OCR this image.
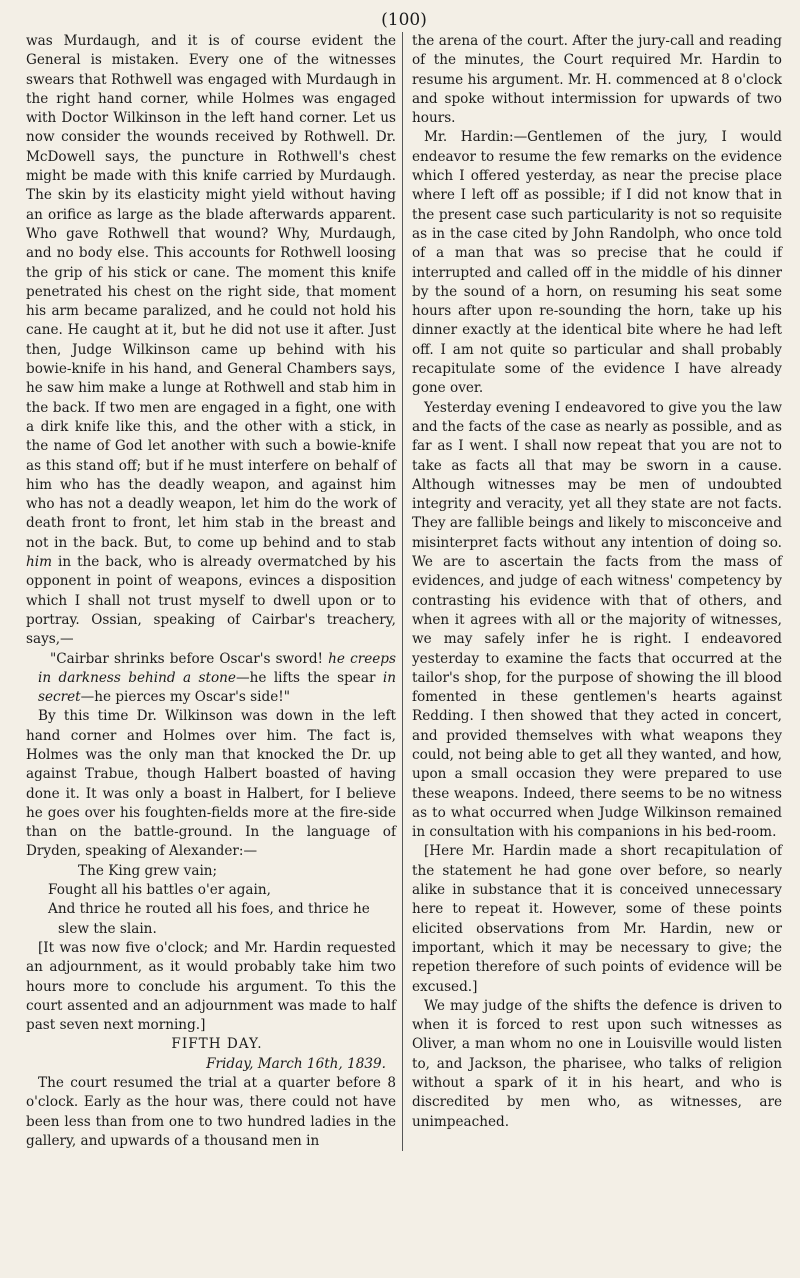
(100)

was Murdaugh, and it is of course evident the General is mistaken. Every one of the witnesses swears that Rothwell was engaged with Murdaugh in the right hand corner, while Holmes was engaged with Doctor Wilkinson in the left hand corner. Let us now consider the wounds received by Rothwell. Dr. McDowell says, the puncture in Rothwell's chest might be made with this knife carried by Murdaugh. The skin by its elasticity might yield without having an orifice as large as the blade afterwards apparent. Who gave Rothwell that wound? Why, Murdaugh, and no body else. This accounts for Rothwell loosing the grip of his stick or cane. The moment this knife penetrated his chest on the right side, that moment his arm became paralized, and he could not hold his cane. He caught at it, but he did not use it after. Just then, Judge Wilkinson came up behind with his bowie-knife in his hand, and General Chambers says, he saw him make a lunge at Rothwell and stab him in the back. If two men are engaged in a fight, one with a dirk knife like this, and the other with a stick, in the name of God let another with such a bowie-knife as this stand off; but if he must interfere on behalf of him who has the deadly weapon, and against him who has not a deadly weapon, let him do the work of death front to front, let him stab in the breast and not in the back. But, to come up behind and to stab him in the back, who is already overmatched by his opponent in point of weapons, evinces a disposition which I shall not trust myself to dwell upon or to portray. Ossian, speaking of Cairbar's treachery, says,—

"Cairbar shrinks before Oscar's sword! he creeps in darkness behind a stone—he lifts the spear in secret—he pierces my Oscar's side!"

By this time Dr. Wilkinson was down in the left hand corner and Holmes over him. The fact is, Holmes was the only man that knocked the Dr. up against Trabue, though Halbert boasted of having done it. It was only a boast in Halbert, for I believe he goes over his foughten-fields more at the fire-side than on the battle-ground. In the language of Dryden, speaking of Alexander:—

The King grew vain;
Fought all his battles o'er again,
And thrice he routed all his foes, and thrice he
slew the slain.

[It was now five o'clock; and Mr. Hardin requested an adjournment, as it would probably take him two hours more to conclude his argument. To this the court assented and an adjournment was made to half past seven next morning.]

FIFTH DAY.

Friday, March 16th, 1839.

The court resumed the trial at a quarter before 8 o'clock. Early as the hour was, there could not have been less than from one to two hundred ladies in the gallery, and upwards of a thousand men in

the arena of the court. After the jury-call and reading of the minutes, the Court required Mr. Hardin to resume his argument. Mr. H. commenced at 8 o'clock and spoke without intermission for upwards of two hours.

Mr. Hardin:—Gentlemen of the jury, I would endeavor to resume the few remarks on the evidence which I offered yesterday, as near the precise place where I left off as possible; if I did not know that in the present case such particularity is not so requisite as in the case cited by John Randolph, who once told of a man that was so precise that he could if interrupted and called off in the middle of his dinner by the sound of a horn, on resuming his seat some hours after upon re-sounding the horn, take up his dinner exactly at the identical bite where he had left off. I am not quite so particular and shall probably recapitulate some of the evidence I have already gone over.

Yesterday evening I endeavored to give you the law and the facts of the case as nearly as possible, and as far as I went. I shall now repeat that you are not to take as facts all that may be sworn in a cause. Although witnesses may be men of undoubted integrity and veracity, yet all they state are not facts. They are fallible beings and likely to misconceive and misinterpret facts without any intention of doing so. We are to ascertain the facts from the mass of evidences, and judge of each witness' competency by contrasting his evidence with that of others, and when it agrees with all or the majority of witnesses, we may safely infer he is right. I endeavored yesterday to examine the facts that occurred at the tailor's shop, for the purpose of showing the ill blood fomented in these gentlemen's hearts against Redding. I then showed that they acted in concert, and provided themselves with what weapons they could, not being able to get all they wanted, and how, upon a small occasion they were prepared to use these weapons. Indeed, there seems to be no witness as to what occurred when Judge Wilkinson remained in consultation with his companions in his bed-room.

[Here Mr. Hardin made a short recapitulation of the statement he had gone over before, so nearly alike in substance that it is conceived unnecessary here to repeat it. However, some of these points elicited observations from Mr. Hardin, new or important, which it may be necessary to give; the repetion therefore of such points of evidence will be excused.]

We may judge of the shifts the defence is driven to when it is forced to rest upon such witnesses as Oliver, a man whom no one in Louisville would listen to, and Jackson, the pharisee, who talks of religion without a spark of it in his heart, and who is discredited by men who, as witnesses, are unimpeached.
